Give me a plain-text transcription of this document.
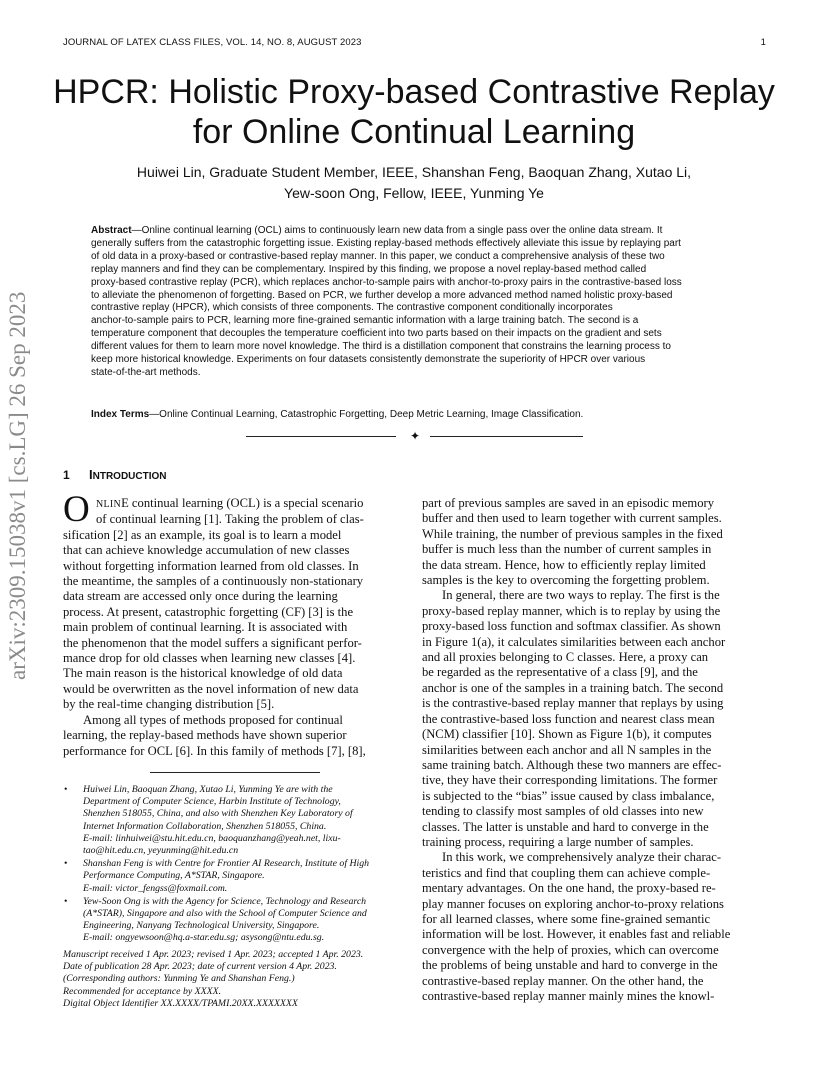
JOURNAL OF LATEX CLASS FILES, VOL. 14, NO. 8, AUGUST 2023	1
HPCR: Holistic Proxy-based Contrastive Replay
for Online Continual Learning
Huiwei Lin, Graduate Student Member, IEEE, Shanshan Feng, Baoquan Zhang, Xutao Li,
Yew-soon Ong, Fellow, IEEE, Yunming Ye
Abstract—Online continual learning (OCL) aims to continuously learn new data from a single pass over the online data stream. It
generally suffers from the catastrophic forgetting issue. Existing replay-based methods effectively alleviate this issue by replaying part
of old data in a proxy-based or contrastive-based replay manner. In this paper, we conduct a comprehensive analysis of these two
replay manners and find they can be complementary. Inspired by this finding, we propose a novel replay-based method called
proxy-based contrastive replay (PCR), which replaces anchor-to-sample pairs with anchor-to-proxy pairs in the contrastive-based loss
to alleviate the phenomenon of forgetting. Based on PCR, we further develop a more advanced method named holistic proxy-based
contrastive replay (HPCR), which consists of three components. The contrastive component conditionally incorporates
anchor-to-sample pairs to PCR, learning more fine-grained semantic information with a large training batch. The second is a
temperature component that decouples the temperature coefficient into two parts based on their impacts on the gradient and sets
different values for them to learn more novel knowledge. The third is a distillation component that constrains the learning process to
keep more historical knowledge. Experiments on four datasets consistently demonstrate the superiority of HPCR over various
state-of-the-art methods.
Index Terms—Online Continual Learning, Catastrophic Forgetting, Deep Metric Learning, Image Classification.
✦
1 INTRODUCTION
arXiv:2309.15038v1 [cs.LG] 26 Sep 2023 O NLINE continual learning (OCL) is a special scenario
of continual learning [1]. Taking the problem of clas-
sification [2] as an example, its goal is to learn a model
that can achieve knowledge accumulation of new classes
without forgetting information learned from old classes. In
the meantime, the samples of a continuously non-stationary
data stream are accessed only once during the learning
process. At present, catastrophic forgetting (CF) [3] is the
main problem of continual learning. It is associated with
the phenomenon that the model suffers a significant perfor-
mance drop for old classes when learning new classes [4].
The main reason is the historical knowledge of old data
would be overwritten as the novel information of new data
by the real-time changing distribution [5].
Among all types of methods proposed for continual
learning, the replay-based methods have shown superior
performance for OCL [6]. In this family of methods [7], [8],
• Huiwei Lin, Baoquan Zhang, Xutao Li, Yunming Ye are with the
Department of Computer Science, Harbin Institute of Technology,
Shenzhen 518055, China, and also with Shenzhen Key Laboratory of
Internet Information Collaboration, Shenzhen 518055, China.
E-mail: linhuiwei@stu.hit.edu.cn, baoquanzhang@yeah.net, lixu-
tao@hit.edu.cn, yeyunming@hit.edu.cn
• Shanshan Feng is with Centre for Frontier AI Research, Institute of High
Performance Computing, A*STAR, Singapore.
E-mail: victor_fengss@foxmail.com.
• Yew-Soon Ong is with the Agency for Science, Technology and Research
(A*STAR), Singapore and also with the School of Computer Science and
Engineering, Nanyang Technological University, Singapore.
E-mail: ongyewsoon@hq.a-star.edu.sg; asysong@ntu.edu.sg.
Manuscript received 1 Apr. 2023; revised 1 Apr. 2023; accepted 1 Apr. 2023.
Date of publication 28 Apr. 2023; date of current version 4 Apr. 2023.
(Corresponding authors: Yunming Ye and Shanshan Feng.)
Recommended for acceptance by XXXX.
Digital Object Identifier XX.XXXX/TPAMI.20XX.XXXXXXX
part of previous samples are saved in an episodic memory
buffer and then used to learn together with current samples.
While training, the number of previous samples in the fixed
buffer is much less than the number of current samples in
the data stream. Hence, how to efficiently replay limited
samples is the key to overcoming the forgetting problem.
In general, there are two ways to replay. The first is the
proxy-based replay manner, which is to replay by using the
proxy-based loss function and softmax classifier. As shown
in Figure 1(a), it calculates similarities between each anchor
and all proxies belonging to C classes. Here, a proxy can
be regarded as the representative of a class [9], and the
anchor is one of the samples in a training batch. The second
is the contrastive-based replay manner that replays by using
the contrastive-based loss function and nearest class mean
(NCM) classifier [10]. Shown as Figure 1(b), it computes
similarities between each anchor and all N samples in the
same training batch. Although these two manners are effec-
tive, they have their corresponding limitations. The former
is subjected to the “bias” issue caused by class imbalance,
tending to classify most samples of old classes into new
classes. The latter is unstable and hard to converge in the
training process, requiring a large number of samples.
In this work, we comprehensively analyze their charac-
teristics and find that coupling them can achieve comple-
mentary advantages. On the one hand, the proxy-based re-
play manner focuses on exploring anchor-to-proxy relations
for all learned classes, where some fine-grained semantic
information will be lost. However, it enables fast and reliable
convergence with the help of proxies, which can overcome
the problems of being unstable and hard to converge in the
contrastive-based replay manner. On the other hand, the
contrastive-based replay manner mainly mines the knowl-
